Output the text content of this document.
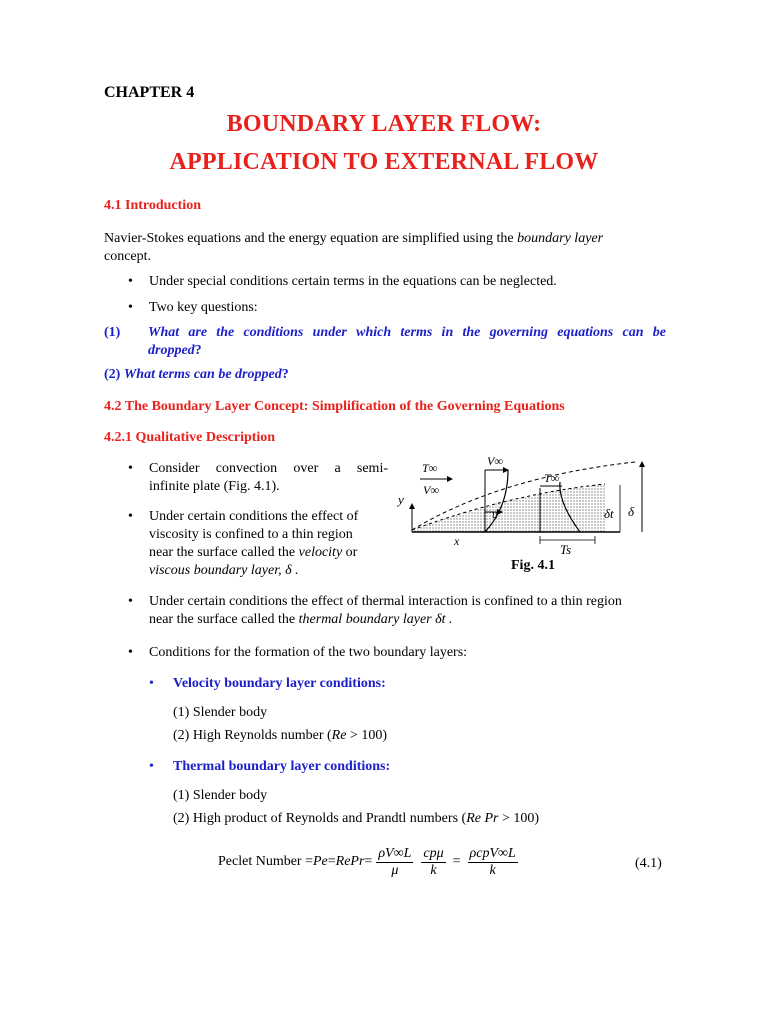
CHAPTER 4
BOUNDARY LAYER FLOW:
APPLICATION TO EXTERNAL FLOW
4.1 Introduction
Navier-Stokes equations and the energy equation are simplified using the boundary layer
concept.
• Under special conditions certain terms in the equations can be neglected.
• Two key questions:
(1)	What are the conditions under which terms in the governing equations can be
dropped?
(2) What terms can be dropped?
4.2 The Boundary Layer Concept: Simplification of the Governing Equations
4.2.1 Qualitative Description
• Consider convection over a semi-
infinite plate (Fig. 4.1).
• Under certain conditions the effect of
viscosity is confined to a thin region
near the surface called the velocity or
viscous boundary layer, δ .
T∞
V∞
V∞
T∞
y
x
u	δt δ
Ts
Fig. 4.1
• Under certain conditions the effect of thermal interaction is confined to a thin region
near the surface called the thermal boundary layer δt .
• Conditions for the formation of the two boundary layers:
• Velocity boundary layer conditions:
(1) Slender body
(2) High Reynolds number (Re > 100)
• Thermal boundary layer conditions:
(1) Slender body
(2) High product of Reynolds and Prandtl numbers (Re Pr > 100)
Peclet Number = Pe = RePr = $\frac{\rho V\infty L}{\mu}$ cpμ
k
=
ρcpV∞L
k	(4.1)
